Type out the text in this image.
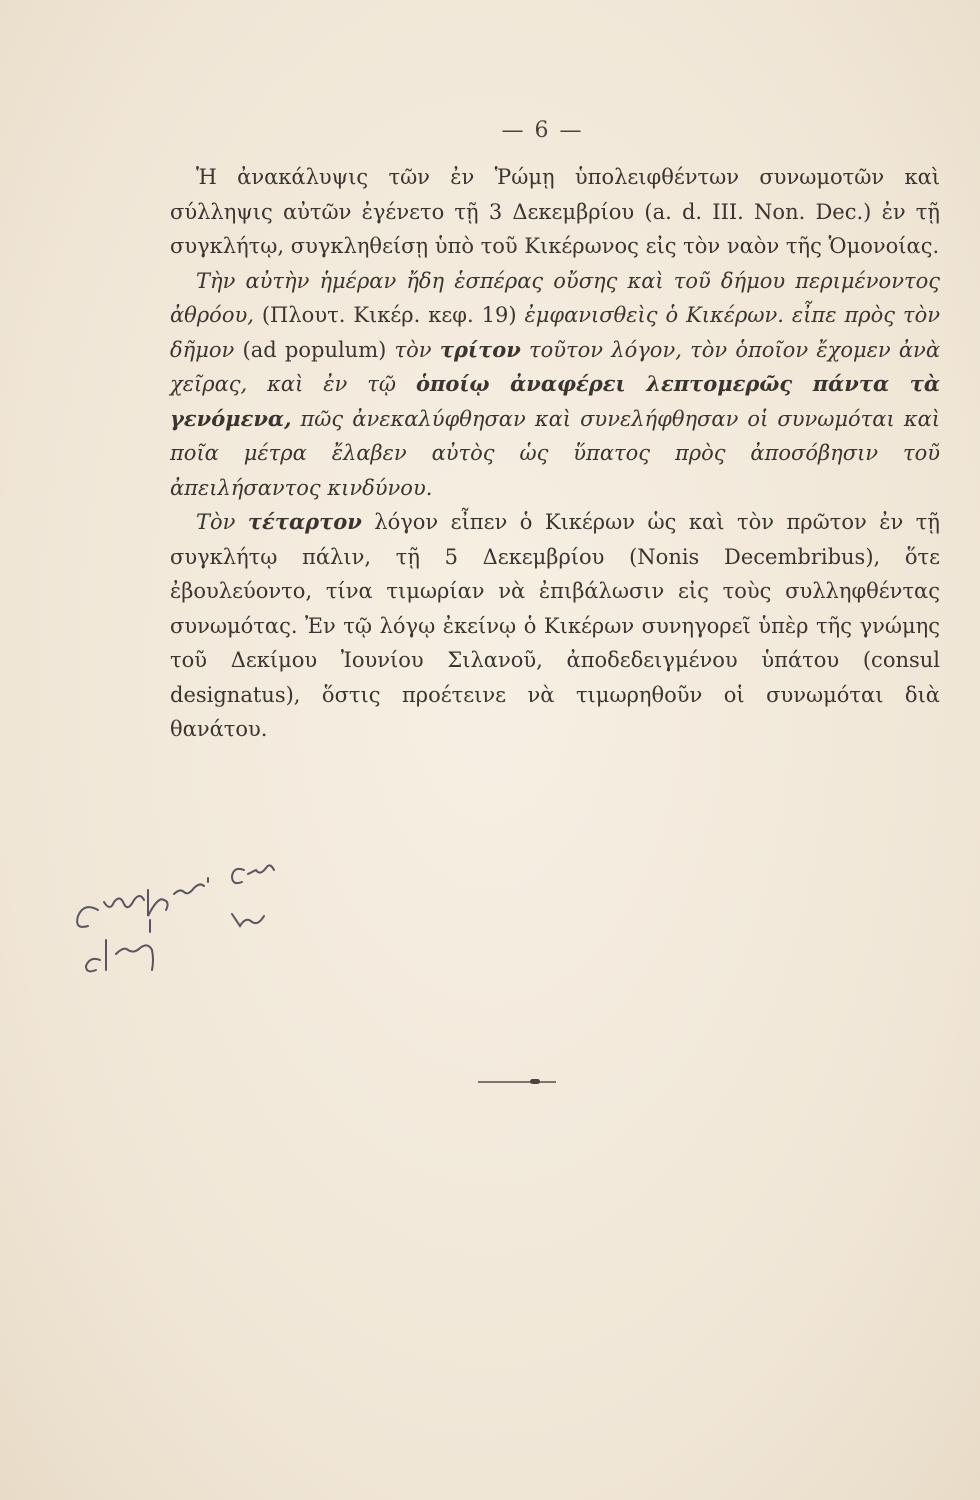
— 6 —

Ἡ ἀνακάλυψις τῶν ἐν Ῥώμῃ ὑπολειφθέντων συνωμοτῶν καὶ σύλληψις αὐτῶν ἐγένετο τῇ 3 Δεκεμβρίου (a. d. III. Non. Dec.) ἐν τῇ συγκλήτῳ, συγκληθείσῃ ὑπὸ τοῦ Κικέρωνος εἰς τὸν ναὸν τῆς Ὁμονοίας.

Τὴν αὐτὴν ἡμέραν ἤδη ἑσπέρας οὔσης καὶ τοῦ δήμου περιμένοντος ἀθρόου, (Πλουτ. Κικέρ. κεφ. 19) ἐμφανισθεὶς ὁ Κικέρων. εἶπε πρὸς τὸν δῆμον (ad populum) τὸν τρίτον τοῦτον λόγον, τὸν ὁποῖον ἔχομεν ἀνὰ χεῖρας, καὶ ἐν τῷ ὁποίῳ ἀναφέρει λεπτομερῶς πάντα τὰ γενόμενα, πῶς ἀνεκαλύφθησαν καὶ συνελήφθησαν οἱ συνωμόται καὶ ποῖα μέτρα ἔλαβεν αὐτὸς ὡς ὕπατος πρὸς ἀποσόβησιν τοῦ ἀπειλήσαντος κινδύνου.

Τὸν τέταρτον λόγον εἶπεν ὁ Κικέρων ὡς καὶ τὸν πρῶτον ἐν τῇ συγκλήτῳ πάλιν, τῇ 5 Δεκεμβρίου (Nonis Decembribus), ὅτε ἐβουλεύοντο, τίνα τιμωρίαν νὰ ἐπιβάλωσιν εἰς τοὺς συλληφθέντας συνωμότας. Ἐν τῷ λόγῳ ἐκείνῳ ὁ Κικέρων συνηγορεῖ ὑπὲρ τῆς γνώμης τοῦ Δεκίμου Ἰουνίου Σιλανοῦ, ἀποδεδειγμένου ὑπάτου (consul designatus), ὅστις προέτεινε νὰ τιμωρηθοῦν οἱ συνωμόται διὰ θανάτου.
